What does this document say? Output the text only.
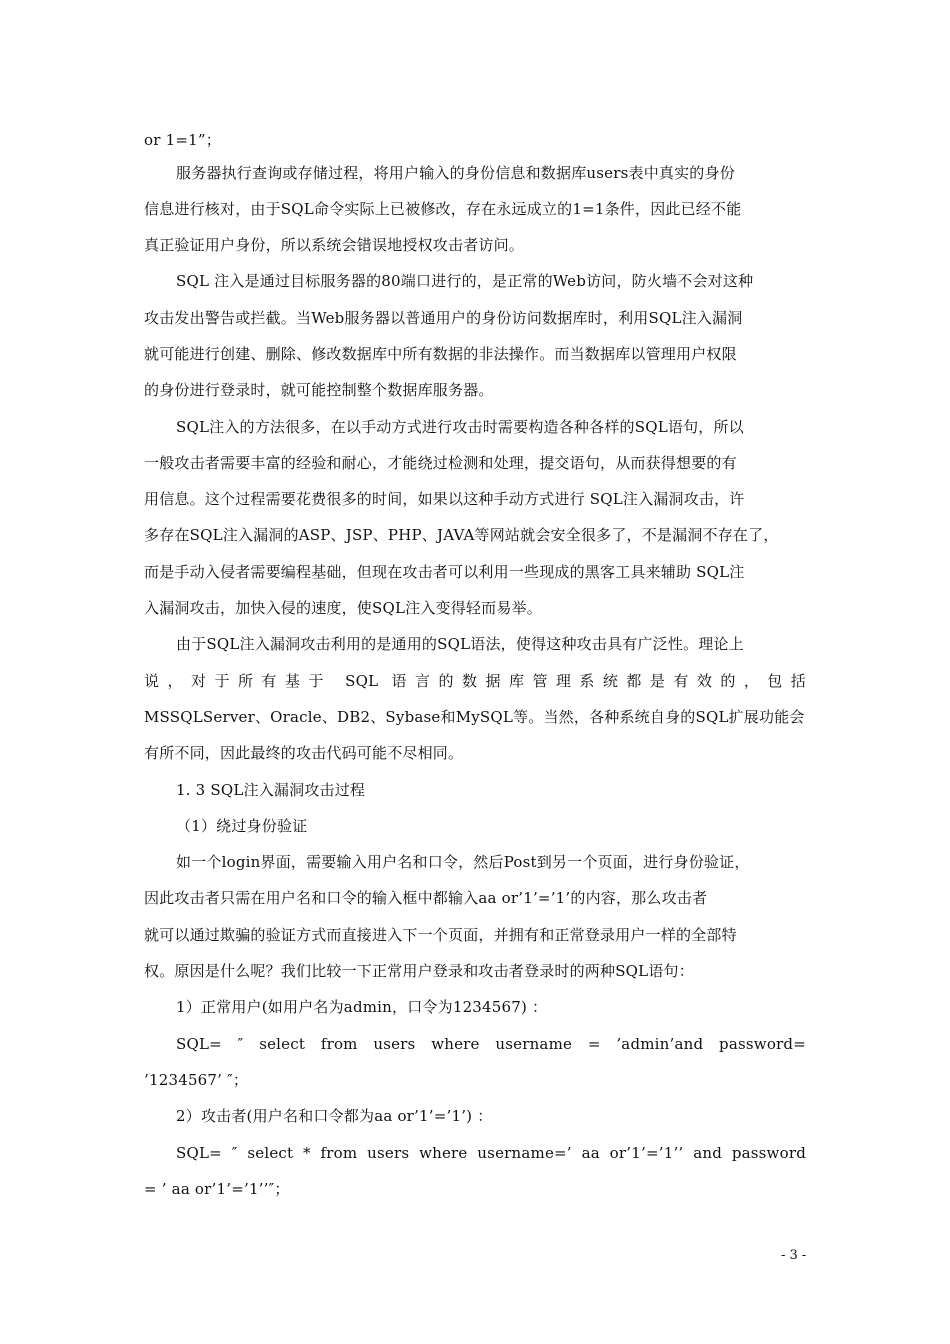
or 1=1”；
服务器执行查询或存储过程，将用户输入的身份信息和数据库users表中真实的身份
信息进行核对，由于SQL命令实际上已被修改，存在永远成立的1=1条件，因此已经不能
真正验证用户身份，所以系统会错误地授权攻击者访问。
SQL 注入是通过目标服务器的80端口进行的，是正常的Web访问，防火墙不会对这种
攻击发出警告或拦截。当Web服务器以普通用户的身份访问数据库时，利用SQL注入漏洞
就可能进行创建、删除、修改数据库中所有数据的非法操作。而当数据库以管理用户权限
的身份进行登录时，就可能控制整个数据库服务器。
SQL注入的方法很多，在以手动方式进行攻击时需要构造各种各样的SQL语句，所以
一般攻击者需要丰富的经验和耐心，才能绕过检测和处理，提交语句，从而获得想要的有
用信息。这个过程需要花费很多的时间，如果以这种手动方式进行 SQL注入漏洞攻击，许
多存在SQL注入漏洞的ASP、JSP、PHP、JAVA等网站就会安全很多了，不是漏洞不存在了，
而是手动入侵者需要编程基础，但现在攻击者可以利用一些现成的黑客工具来辅助 SQL注
入漏洞攻击，加快入侵的速度，使SQL注入变得轻而易举。
由于SQL注入漏洞攻击利用的是通用的SQL语法，使得这种攻击具有广泛性。理论上
说，对于所有基于 SQL 语言的数据库管理系统都是有效的，包括
MSSQLServer、Oracle、DB2、Sybase和MySQL等。当然，各种系统自身的SQL扩展功能会
有所不同，因此最终的攻击代码可能不尽相同。
1. 3 SQL注入漏洞攻击过程
（1）绕过身份验证
如一个login界面，需要输入用户名和口令，然后Post到另一个页面，进行身份验证，
因此攻击者只需在用户名和口令的输入框中都输入aa or’1’=’1’的内容，那么攻击者
就可以通过欺骗的验证方式而直接进入下一个页面，并拥有和正常登录用户一样的全部特
权。原因是什么呢？我们比较一下正常用户登录和攻击者登录时的两种SQL语句：
1）正常用户(如用户名为admin，口令为1234567) ：
SQL= ″ select from users where username = ’admin’and password=
’1234567’ ″；
2）攻击者(用户名和口令都为aa or’1’=’1’) ：
SQL= ″ select * from users where username=’ aa or’1’=’1’’ and password
= ’ aa or’1’=’1’’″；
- 3 -
